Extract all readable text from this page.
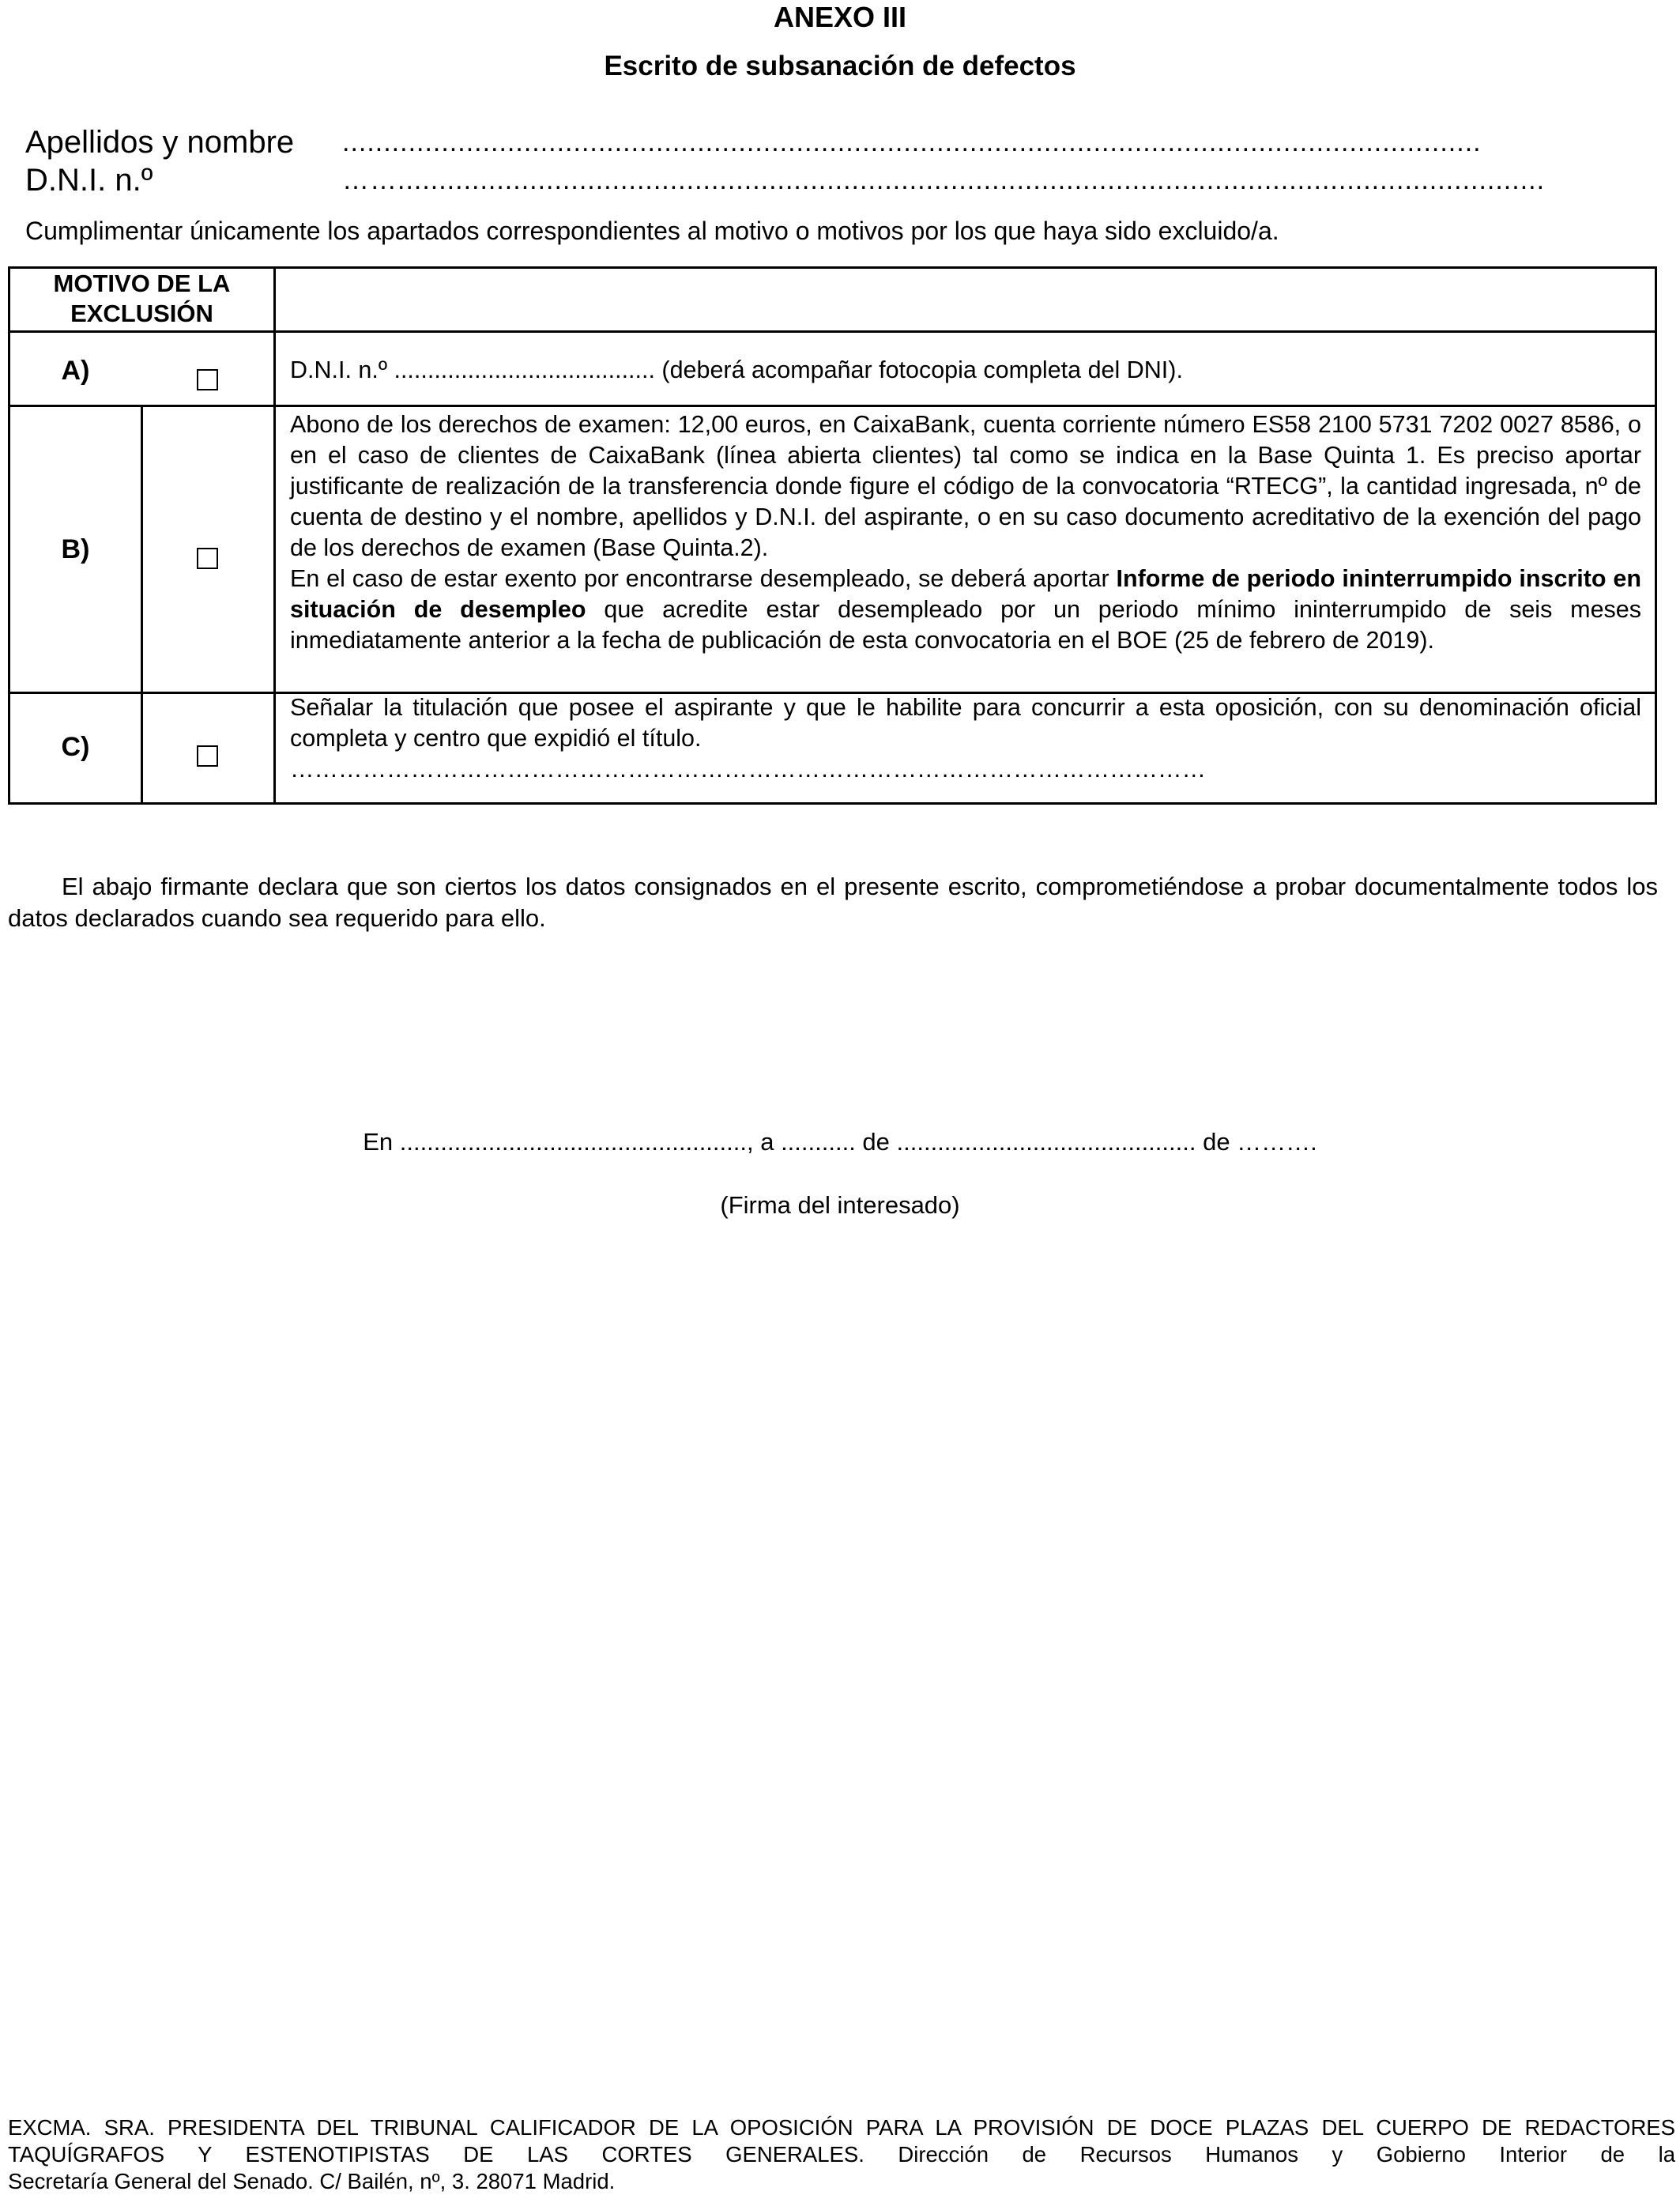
ANEXO III
Escrito de subsanación de defectos
Apellidos y nombre ..........................................................................................................................................
D.N.I. n.º	……...........................................................................................................................................
Cumplimentar únicamente los apartados correspondientes al motivo o motivos por los que haya sido excluido/a.
MOTIVO DE LA
EXCLUSIÓN
A)	D.N.I. n.º ....................................... (deberá acompañar fotocopia completa del DNI).
B)

Abono de los derechos de examen: 12,00 euros, en CaixaBank, cuenta corriente número ES58 2100 5731 7202 0027 8586, o en el caso de clientes de CaixaBank (línea abierta clientes) tal como se indica en la Base Quinta 1. Es preciso aportar justificante de realización de la transferencia donde figure el código de la convocatoria “RTECG”, la cantidad ingresada, nº de cuenta de destino y el nombre, apellidos y D.N.I. del aspirante, o en su caso documento acreditativo de la exención del pago de los derechos de examen (Base Quinta.2).

En el caso de estar exento por encontrarse desempleado, se deberá aportar Informe de periodo ininterrumpido inscrito en situación de desempleo que acredite estar desempleado por un periodo mínimo ininterrumpido de seis meses inmediatamente anterior a la fecha de publicación de esta convocatoria en el BOE (25 de febrero de 2019).

C)

Señalar la titulación que posee el aspirante y que le habilite para concurrir a esta oposición, con su denominación oficial completa y centro que expidió el título.

……………………………………………………………………………………………………

El abajo firmante declara que son ciertos los datos consignados en el presente escrito, comprometiéndose a probar documentalmente todos los datos declarados cuando sea requerido para ello.
En ..................................................., a ........... de ............................................ de ……….
(Firma del interesado)

EXCMA. SRA. PRESIDENTA DEL TRIBUNAL CALIFICADOR DE LA OPOSICIÓN PARA LA PROVISIÓN DE DOCE PLAZAS DEL CUERPO DE REDACTORES TAQUÍGRAFOS Y ESTENOTIPISTAS DE LAS CORTES GENERALES. Dirección de Recursos Humanos y Gobierno Interior de la

Secretaría General del Senado. C/ Bailén, nº, 3. 28071 Madrid.
